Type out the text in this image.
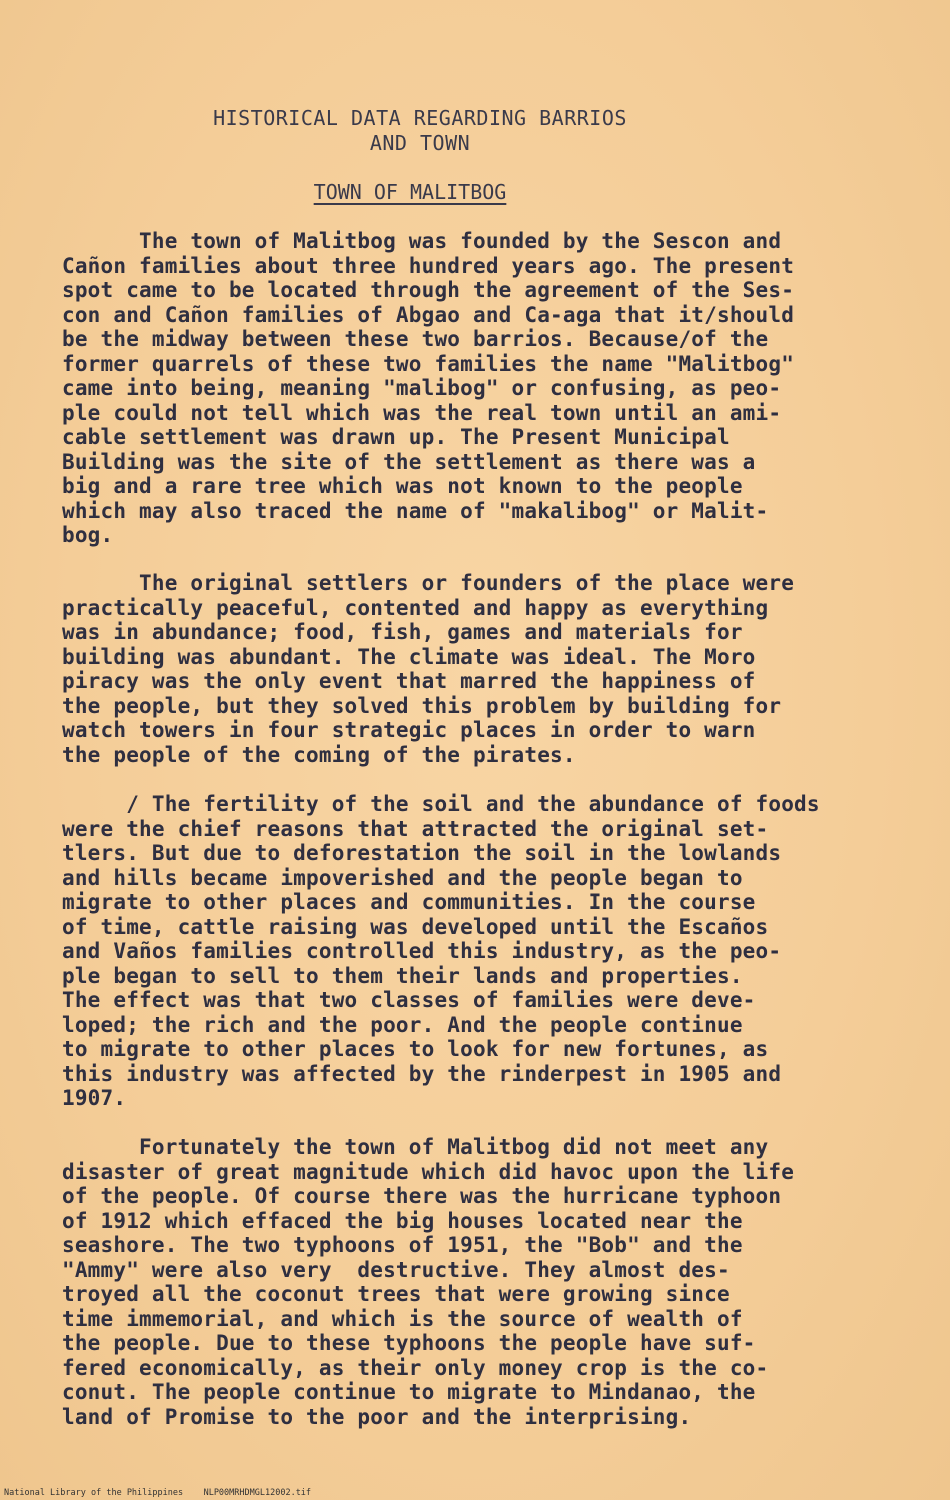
HISTORICAL DATA REGARDING BARRIOS
AND TOWN
TOWN OF MALITBOG
The town of Malitbog was founded by the Sescon and
Cañon families about three hundred years ago. The present
spot came to be located through the agreement of the Ses-
con and Cañon families of Abgao and Ca-aga that it/should
be the midway between these two barrios. Because/of the
former quarrels of these two families the name "Malitbog"
came into being, meaning "malibog" or confusing, as peo-
ple could not tell which was the real town until an ami-
cable settlement was drawn up. The Present Municipal
Building was the site of the settlement as there was a
big and a rare tree which was not known to the people
which may also traced the name of "makalibog" or Malit-
bog.
The original settlers or founders of the place were
practically peaceful, contented and happy as everything
was in abundance; food, fish, games and materials for
building was abundant. The climate was ideal. The Moro
piracy was the only event that marred the happiness of
the people, but they solved this problem by building for
watch towers in four strategic places in order to warn
the people of the coming of the pirates.
/ The fertility of the soil and the abundance of foods
were the chief reasons that attracted the original set-
tlers. But due to deforestation the soil in the lowlands
and hills became impoverished and the people began to
migrate to other places and communities. In the course
of time, cattle raising was developed until the Escaños
and Vaños families controlled this industry, as the peo-
ple began to sell to them their lands and properties.
The effect was that two classes of families were deve-
loped; the rich and the poor. And the people continue
to migrate to other places to look for new fortunes, as
this industry was affected by the rinderpest in 1905 and
1907.
Fortunately the town of Malitbog did not meet any
disaster of great magnitude which did havoc upon the life
of the people. Of course there was the hurricane typhoon
of 1912 which effaced the big houses located near the
seashore. The two typhoons of 1951, the "Bob" and the
"Ammy" were also very  destructive. They almost des-
troyed all the coconut trees that were growing since
time immemorial, and which is the source of wealth of
the people. Due to these typhoons the people have suf-
fered economically, as their only money crop is the co-
conut. The people continue to migrate to Mindanao, the
land of Promise to the poor and the interprising.
National Library of the Philippines    NLP00MRHDMGL12002.tif
